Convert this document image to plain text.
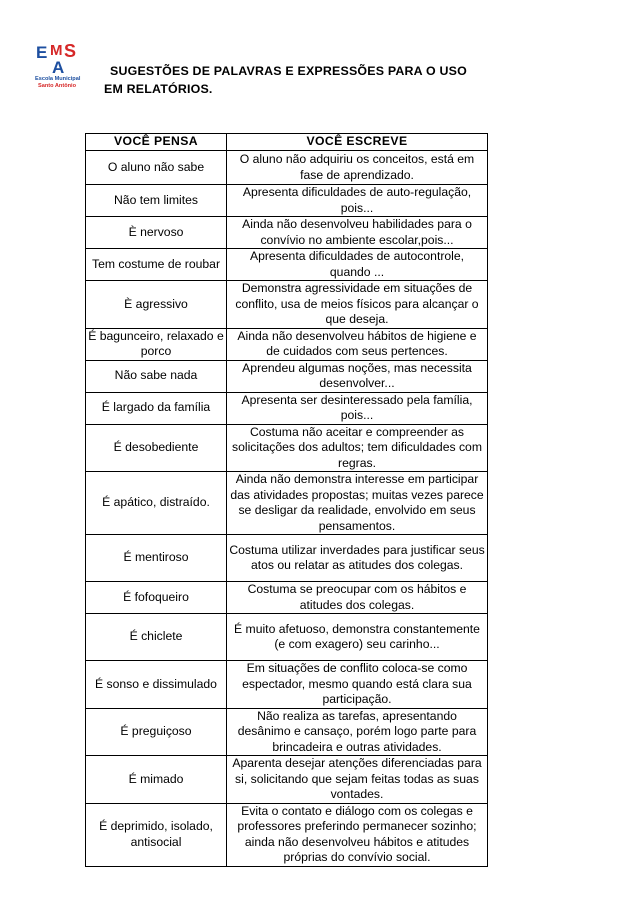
E M S
A
Escola Municipal
Santo Antônio
SUGESTÕES DE PALAVRAS E EXPRESSÕES PARA O USO
EM RELATÓRIOS.
VOCÊ PENSA	VOCÊ ESCREVE
O aluno não sabe	O aluno não adquiriu os conceitos, está em fase de aprendizado.
Não tem limites	Apresenta dificuldades de auto-regulação, pois...
È nervoso	Ainda não desenvolveu habilidades para o convívio no ambiente escolar,pois...
Tem costume de roubar	Apresenta dificuldades de autocontrole, quando ...
È agressivo	Demonstra agressividade em situações de conflito, usa de meios físicos para alcançar o que deseja.
É bagunceiro, relaxado e porco	Ainda não desenvolveu hábitos de higiene e de cuidados com seus pertences.
Não sabe nada	Aprendeu algumas noções, mas necessita desenvolver...
É largado da família	Apresenta ser desinteressado pela família, pois...
É desobediente	Costuma não aceitar e compreender as solicitações dos adultos; tem dificuldades com regras.
É apático, distraído.	Ainda não demonstra interesse em participar das atividades propostas; muitas vezes parece se desligar da realidade, envolvido em seus pensamentos.
É mentiroso	Costuma utilizar inverdades para justificar seus atos ou relatar as atitudes dos colegas.
É fofoqueiro	Costuma se preocupar com os hábitos e atitudes dos colegas.
É chiclete	É muito afetuoso, demonstra constantemente (e com exagero) seu carinho...
É sonso e dissimulado	Em situações de conflito coloca-se como espectador, mesmo quando está clara sua participação.
É preguiçoso	Não realiza as tarefas, apresentando desânimo e cansaço, porém logo parte para brincadeira e outras atividades.
É mimado	Aparenta desejar atenções diferenciadas para si, solicitando que sejam feitas todas as suas vontades.
É deprimido, isolado, antisocial	Evita o contato e diálogo com os colegas e professores preferindo permanecer sozinho; ainda não desenvolveu hábitos e atitudes próprias do convívio social.
